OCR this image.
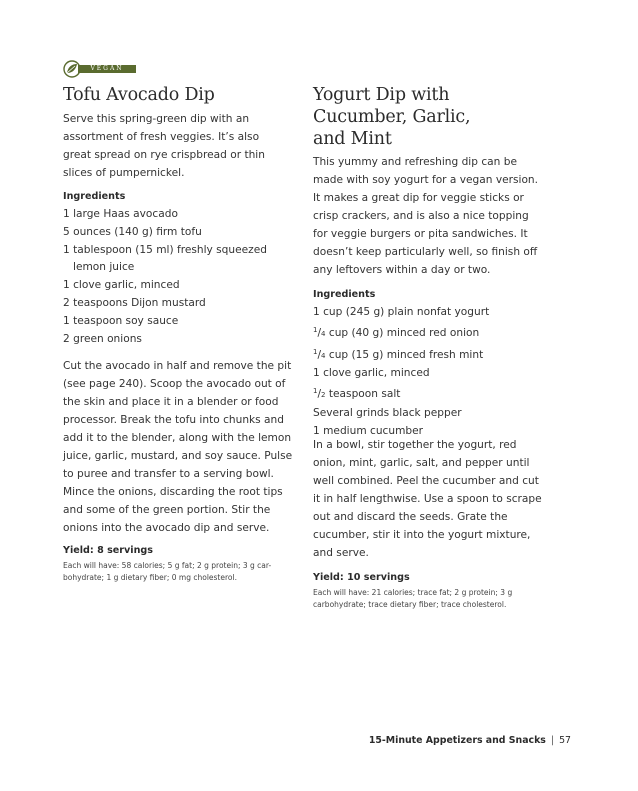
VEGAN
Tofu Avocado Dip
Serve this spring-green dip with an
assortment of fresh veggies. It’s also
great spread on rye crispbread or thin
slices of pumpernickel.
Ingredients
1 large Haas avocado
5 ounces (140 g) firm tofu
1 tablespoon (15 ml) freshly squeezed
lemon juice
1 clove garlic, minced
2 teaspoons Dijon mustard
1 teaspoon soy sauce
2 green onions
Cut the avocado in half and remove the pit
(see page 240). Scoop the avocado out of
the skin and place it in a blender or food
processor. Break the tofu into chunks and
add it to the blender, along with the lemon
juice, garlic, mustard, and soy sauce. Pulse
to puree and transfer to a serving bowl.
Mince the onions, discarding the root tips
and some of the green portion. Stir the
onions into the avocado dip and serve.
Yield: 8 servings
Each will have: 58 calories; 5 g fat; 2 g protein; 3 g car-
bohydrate; 1 g dietary fiber; 0 mg cholesterol.
Yogurt Dip with
Cucumber, Garlic,
and Mint
This yummy and refreshing dip can be
made with soy yogurt for a vegan version.
It makes a great dip for veggie sticks or
crisp crackers, and is also a nice topping
for veggie burgers or pita sandwiches. It
doesn’t keep particularly well, so finish off
any leftovers within a day or two.
Ingredients
1 cup (245 g) plain nonfat yogurt
$^1$/4 cup (40 g) minced red onion
$^1$/4 cup (15 g) minced fresh mint
1 clove garlic, minced
$^1$/2 teaspoon salt
Several grinds black pepper
1 medium cucumber
In a bowl, stir together the yogurt, red
onion, mint, garlic, salt, and pepper until
well combined. Peel the cucumber and cut
it in half lengthwise. Use a spoon to scrape
out and discard the seeds. Grate the
cucumber, stir it into the yogurt mixture,
and serve.
Yield: 10 servings
Each will have: 21 calories; trace fat; 2 g protein; 3 g
carbohydrate; trace dietary fiber; trace cholesterol.
15-Minute Appetizers and Snacks | 57
